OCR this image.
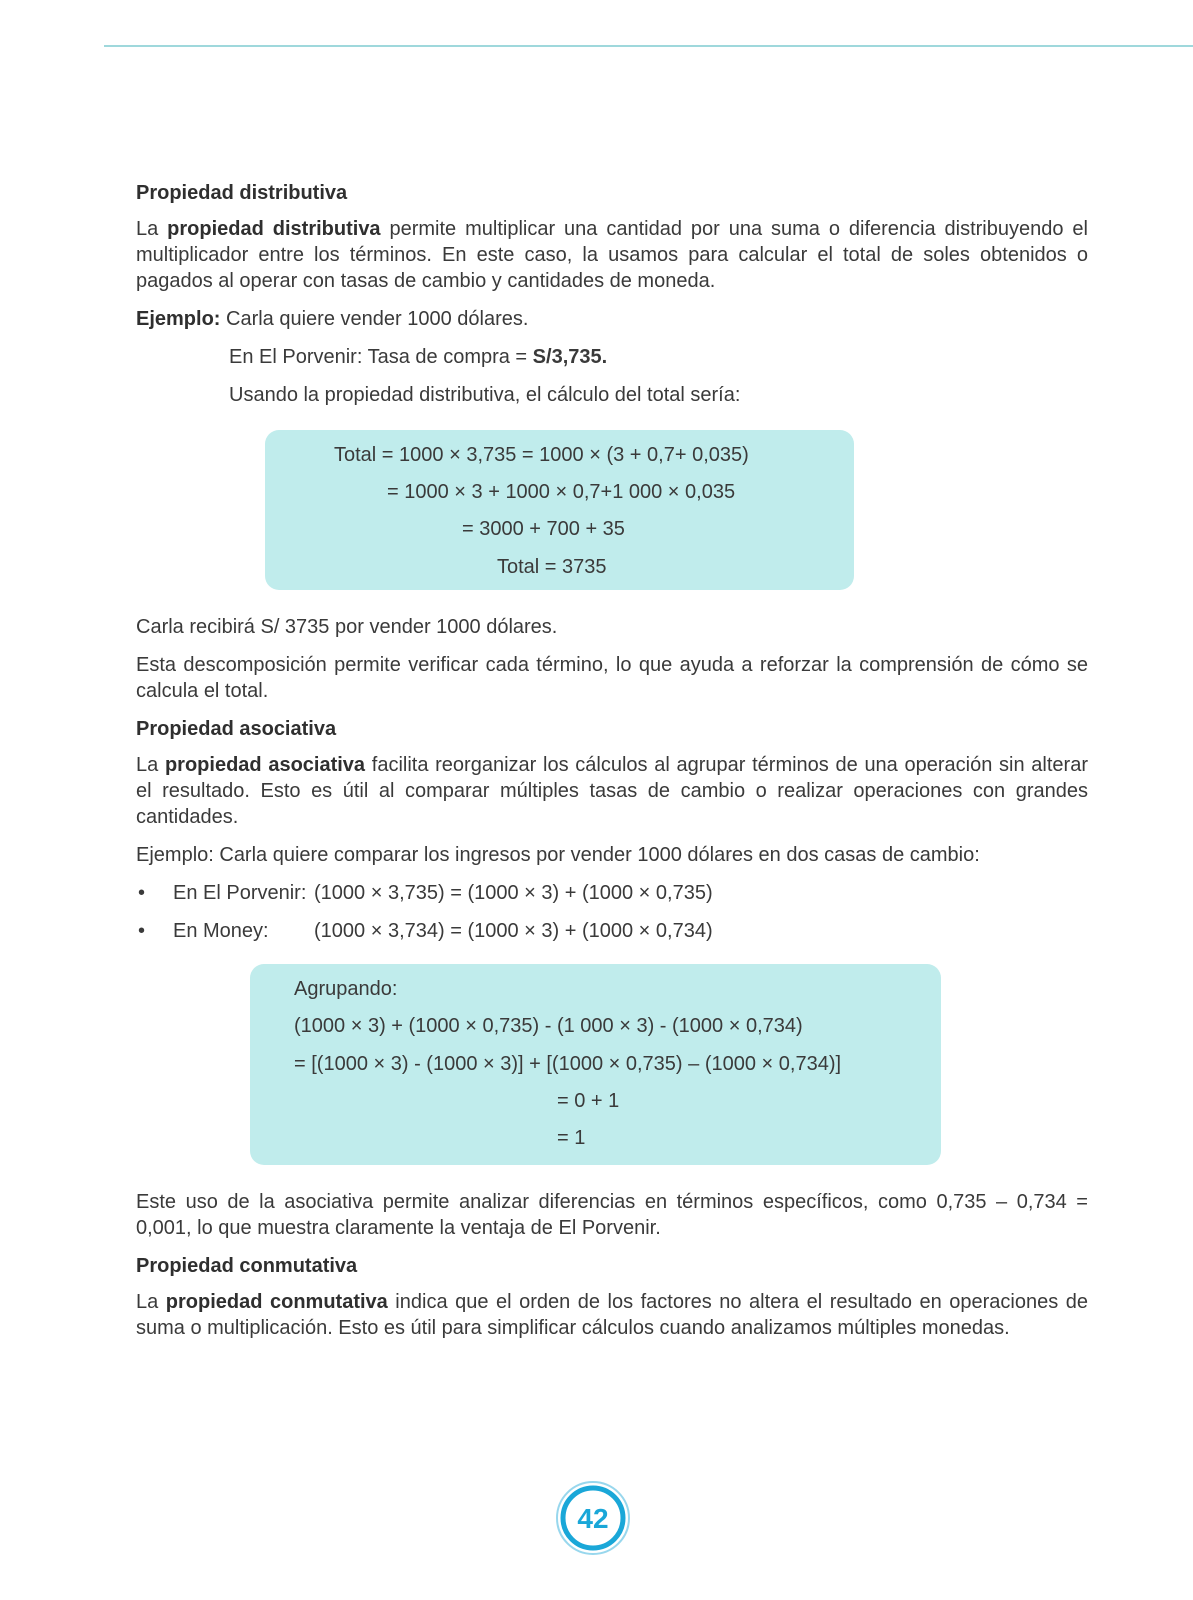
Propiedad distributiva

La propiedad distributiva permite multiplicar una cantidad por una suma o diferencia distribuyendo el multiplicador entre los términos. En este caso, la usamos para calcular el total de soles obtenidos o pagados al operar con tasas de cambio y cantidades de moneda.

Ejemplo: Carla quiere vender 1000 dólares.

En El Porvenir: Tasa de compra = S/3,735.

Usando la propiedad distributiva, el cálculo del total sería:

Total = 1000 × 3,735 = 1000 × (3 + 0,7+ 0,035)
= 1000 × 3 + 1000 × 0,7+1 000 × 0,035
= 3000 + 700 + 35
Total = 3735

Carla recibirá S/ 3735 por vender 1000 dólares.

Esta descomposición permite verificar cada término, lo que ayuda a reforzar la comprensión de cómo se calcula el total.

Propiedad asociativa

La propiedad asociativa facilita reorganizar los cálculos al agrupar términos de una operación sin alterar el resultado. Esto es útil al comparar múltiples tasas de cambio o realizar operaciones con grandes cantidades.

Ejemplo: Carla quiere comparar los ingresos por vender 1000 dólares en dos casas de cambio:

• En El Porvenir: (1000 × 3,735) = (1000 × 3) + (1000 × 0,735)
• En Money: (1000 × 3,734) = (1000 × 3) + (1000 × 0,734)
Agrupando:
(1000 × 3) + (1000 × 0,735) - (1 000 × 3) - (1000 × 0,734)
= [(1000 × 3) - (1000 × 3)] + [(1000 × 0,735) – (1000 × 0,734)]
= 0 + 1
= 1

Este uso de la asociativa permite analizar diferencias en términos específicos, como 0,735 – 0,734 = 0,001, lo que muestra claramente la ventaja de El Porvenir.

Propiedad conmutativa

La propiedad conmutativa indica que el orden de los factores no altera el resultado en operaciones de suma o multiplicación. Esto es útil para simplificar cálculos cuando analizamos múltiples monedas.

42
